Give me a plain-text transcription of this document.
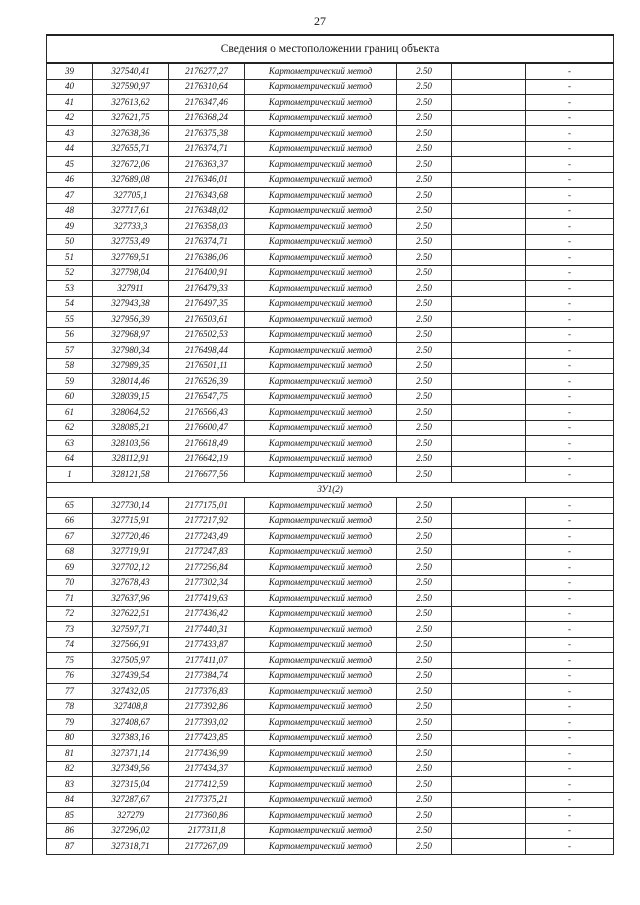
27
Сведения о местоположении границ объекта						
39	327540,41	2176277,27	Картометрический метод	2.50		-
40	327590,97	2176310,64	Картометрический метод	2.50		-
41	327613,62	2176347,46	Картометрический метод	2.50		-
42	327621,75	2176368,24	Картометрический метод	2.50		-
43	327638,36	2176375,38	Картометрический метод	2.50		-
44	327655,71	2176374,71	Картометрический метод	2.50		-
45	327672,06	2176363,37	Картометрический метод	2.50		-
46	327689,08	2176346,01	Картометрический метод	2.50		-
47	327705,1	2176343,68	Картометрический метод	2.50		-
48	327717,61	2176348,02	Картометрический метод	2.50		-
49	327733,3	2176358,03	Картометрический метод	2.50		-
50	327753,49	2176374,71	Картометрический метод	2.50		-
51	327769,51	2176386,06	Картометрический метод	2.50		-
52	327798,04	2176400,91	Картометрический метод	2.50		-
53	327911	2176479,33	Картометрический метод	2.50		-
54	327943,38	2176497,35	Картометрический метод	2.50		-
55	327956,39	2176503,61	Картометрический метод	2.50		-
56	327968,97	2176502,53	Картометрический метод	2.50		-
57	327980,34	2176498,44	Картометрический метод	2.50		-
58	327989,35	2176501,11	Картометрический метод	2.50		-
59	328014,46	2176526,39	Картометрический метод	2.50		-
60	328039,15	2176547,75	Картометрический метод	2.50		-
61	328064,52	2176566,43	Картометрический метод	2.50		-
62	328085,21	2176600,47	Картометрический метод	2.50		-
63	328103,56	2176618,49	Картометрический метод	2.50		-
64	328112,91	2176642,19	Картометрический метод	2.50		-
1	328121,58	2176677,56	Картометрический метод	2.50		-
ЗУ1(2)						
65	327730,14	2177175,01	Картометрический метод	2.50		-
66	327715,91	2177217,92	Картометрический метод	2.50		-
67	327720,46	2177243,49	Картометрический метод	2.50		-
68	327719,91	2177247,83	Картометрический метод	2.50		-
69	327702,12	2177256,84	Картометрический метод	2.50		-
70	327678,43	2177302,34	Картометрический метод	2.50		-
71	327637,96	2177419,63	Картометрический метод	2.50		-
72	327622,51	2177436,42	Картометрический метод	2.50		-
73	327597,71	2177440,31	Картометрический метод	2.50		-
74	327566,91	2177433,87	Картометрический метод	2.50		-
75	327505,97	2177411,07	Картометрический метод	2.50		-
76	327439,54	2177384,74	Картометрический метод	2.50		-
77	327432,05	2177376,83	Картометрический метод	2.50		-
78	327408,8	2177392,86	Картометрический метод	2.50		-
79	327408,67	2177393,02	Картометрический метод	2.50		-
80	327383,16	2177423,85	Картометрический метод	2.50		-
81	327371,14	2177436,99	Картометрический метод	2.50		-
82	327349,56	2177434,37	Картометрический метод	2.50		-
83	327315,04	2177412,59	Картометрический метод	2.50		-
84	327287,67	2177375,21	Картометрический метод	2.50		-
85	327279	2177360,86	Картометрический метод	2.50		-
86	327296,02	2177311,8	Картометрический метод	2.50		-
87	327318,71	2177267,09	Картометрический метод	2.50		-
